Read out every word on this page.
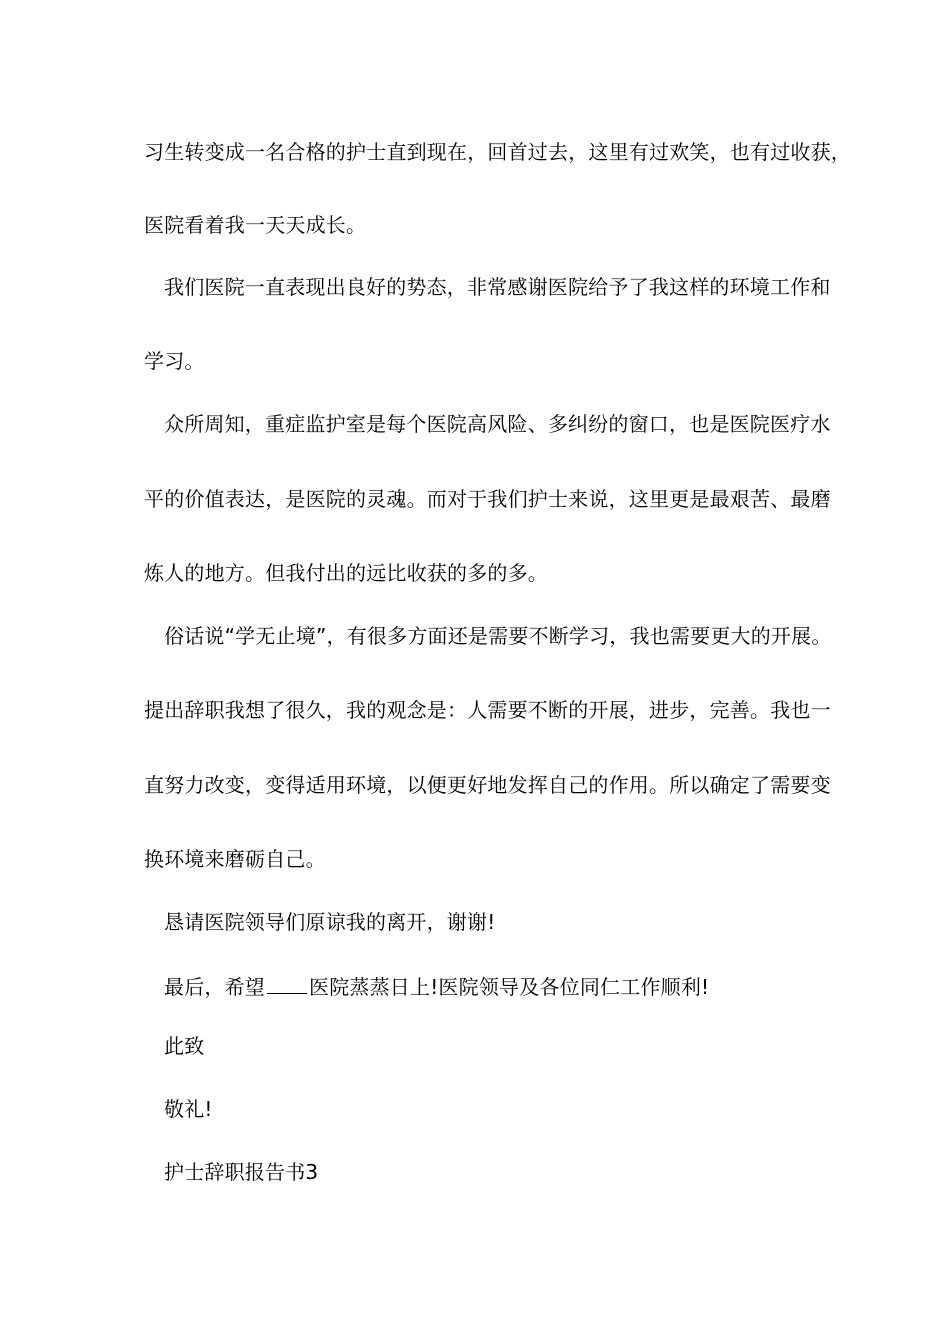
习生转变成一名合格的护士直到现在，回首过去，这里有过欢笑，也有过收获，
医院看着我一天天成长。
我们医院一直表现出良好的势态，非常感谢医院给予了我这样的环境工作和
学习。
众所周知，重症监护室是每个医院高风险、多纠纷的窗口，也是医院医疗水
平的价值表达，是医院的灵魂。而对于我们护士来说，这里更是最艰苦、最磨
炼人的地方。但我付出的远比收获的多的多。
俗话说“学无止境”，有很多方面还是需要不断学习，我也需要更大的开展。
提出辞职我想了很久，我的观念是：人需要不断的开展，进步，完善。我也一
直努力改变，变得适用环境，以便更好地发挥自己的作用。所以确定了需要变
换环境来磨砺自己。
恳请医院领导们原谅我的离开，谢谢!
最后，希望 医院蒸蒸日上!医院领导及各位同仁工作顺利!
此致
敬礼!
护士辞职报告书3
